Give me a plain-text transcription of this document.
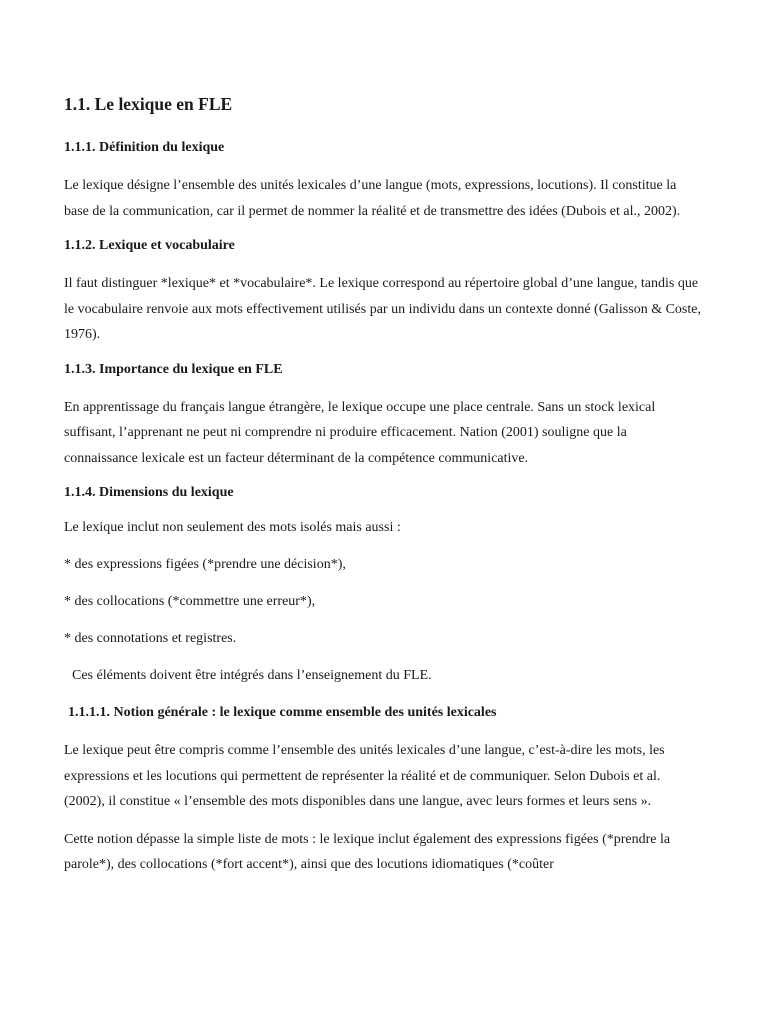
1.1. Le lexique en FLE
1.1.1. Définition du lexique

Le lexique désigne l’ensemble des unités lexicales d’une langue (mots, expressions, locutions). Il constitue la base de la communication, car il permet de nommer la réalité et de transmettre des idées (Dubois et al., 2002).

1.1.2. Lexique et vocabulaire

Il faut distinguer *lexique* et *vocabulaire*. Le lexique correspond au répertoire global d’une langue, tandis que le vocabulaire renvoie aux mots effectivement utilisés par un individu dans un contexte donné (Galisson & Coste, 1976).

1.1.3. Importance du lexique en FLE

En apprentissage du français langue étrangère, le lexique occupe une place centrale. Sans un stock lexical suffisant, l’apprenant ne peut ni comprendre ni produire efficacement. Nation (2001) souligne que la connaissance lexicale est un facteur déterminant de la compétence communicative.

1.1.4. Dimensions du lexique

Le lexique inclut non seulement des mots isolés mais aussi :

* des expressions figées (*prendre une décision*),

* des collocations (*commettre une erreur*),

* des connotations et registres.

Ces éléments doivent être intégrés dans l’enseignement du FLE.

1.1.1.1. Notion générale : le lexique comme ensemble des unités lexicales

Le lexique peut être compris comme l’ensemble des unités lexicales d’une langue, c’est-à-dire les mots, les expressions et les locutions qui permettent de représenter la réalité et de communiquer. Selon Dubois et al. (2002), il constitue « l’ensemble des mots disponibles dans une langue, avec leurs formes et leurs sens ».

Cette notion dépasse la simple liste de mots : le lexique inclut également des expressions figées (*prendre la parole*), des collocations (*fort accent*), ainsi que des locutions idiomatiques (*coûter
